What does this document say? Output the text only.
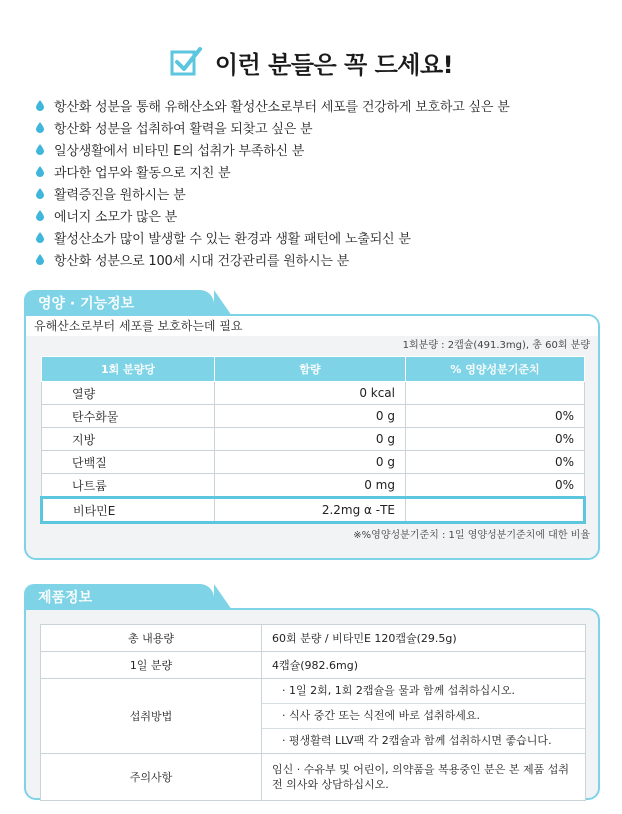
이런 분들은 꼭 드세요!
항산화 성분을 통해 유해산소와 활성산소로부터 세포를 건강하게 보호하고 싶은 분
항산화 성분을 섭취하여 활력을 되찾고 싶은 분
일상생활에서 비타민 E의 섭취가 부족하신 분
과다한 업무와 활동으로 지친 분
활력증진을 원하시는 분
에너지 소모가 많은 분
활성산소가 많이 발생할 수 있는 환경과 생활 패턴에 노출되신 분
항산화 성분으로 100세 시대 건강관리를 원하시는 분
영양 · 기능정보
유해산소로부터 세포를 보호하는데 필요
1회분량 : 2캡슐(491.3mg), 총 60회 분량
1회 분량당	함량	% 영양성분기준치
열량	0 kcal	
탄수화물	0 g	0%
지방	0 g	0%
단백질	0 g	0%
나트륨	0 mg	0%
비타민E	2.2mg α -TE	
※%영양성분기준치 : 1일 영양성분기준치에 대한 비율
제품정보
총 내용량	60회 분량 / 비타민E 120캡슐(29.5g)
1일 분량	4캡슐(982.6mg)
섭취방법	· 1일 2회, 1회 2캡슐을 물과 함께 섭취하십시오.
· 식사 중간 또는 식전에 바로 섭취하세요.
· 평생활력 LLV팩 각 2캡슐과 함께 섭취하시면 좋습니다.

주의사항	임신 · 수유부 및 어린이, 의약품을 복용중인 분은 본 제품 섭취 전 의사와 상담하십시오.
